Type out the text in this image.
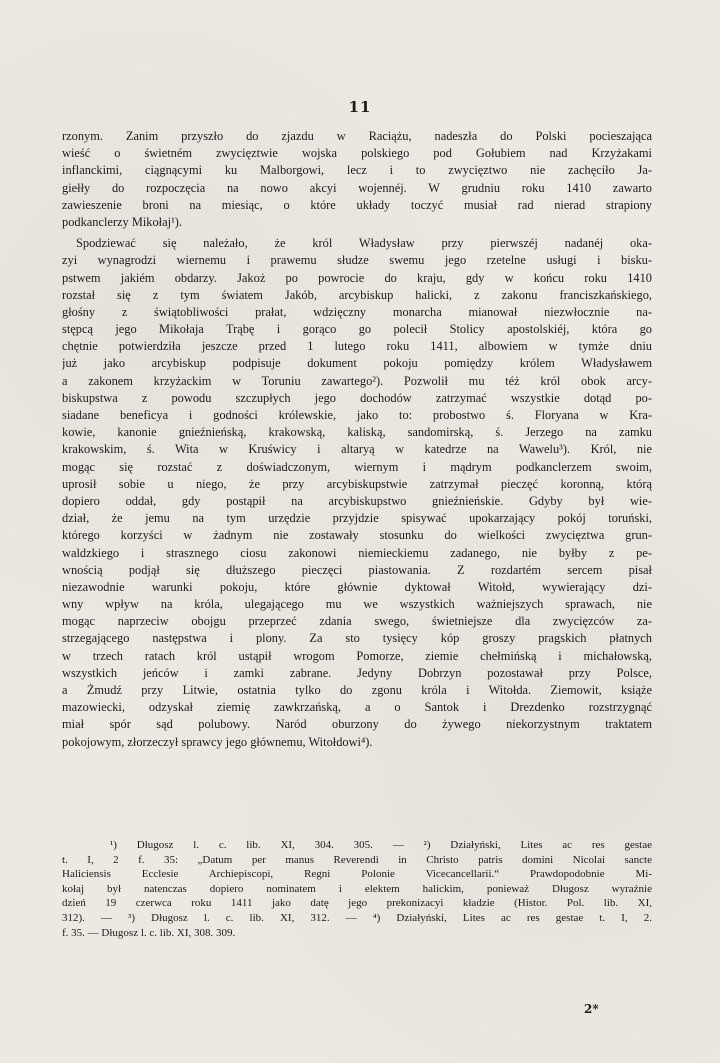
11
rzonym. Zanim przyszło do zjazdu w Raciążu, nadeszła do Polski pocieszająca
wieść o świetném zwycięztwie wojska polskiego pod Gołubiem nad Krzyżakami
inflanckimi, ciągnącymi ku Malborgowi, lecz i to zwycięztwo nie zachęciło Ja-
giełły do rozpoczęcia na nowo akcyi wojennéj. W grudniu roku 1410 zawarto
zawieszenie broni na miesiąc, o które układy toczyć musiał rad nierad strapiony
podkanclerzy Mikołaj¹).
Spodziewać się należało, że król Władysław przy pierwszéj nadanéj oka-
zyi wynagrodzi wiernemu i prawemu słudze swemu jego rzetelne usługi i bisku-
pstwem jakiém obdarzy. Jakoż po powrocie do kraju, gdy w końcu roku 1410
rozstał się z tym światem Jakób, arcybiskup halicki, z zakonu franciszkańskiego,
głośny z świątobliwości prałat, wdzięczny monarcha mianował niezwłocznie na-
stępcą jego Mikołaja Trąbę i gorąco go polecił Stolicy apostolskiéj, która go
chętnie potwierdziła jeszcze przed 1 lutego roku 1411, albowiem w tymże dniu
już jako arcybiskup podpisuje dokument pokoju pomiędzy królem Władysławem
a zakonem krzyżackim w Toruniu zawartego²). Pozwolił mu téż król obok arcy-
biskupstwa z powodu szczupłych jego dochodów zatrzymać wszystkie dotąd po-
siadane beneficya i godności królewskie, jako to: probostwo ś. Floryana w Kra-
kowie, kanonie gnieźnieńską, krakowską, kaliską, sandomirską, ś. Jerzego na zamku
krakowskim, ś. Wita w Kruświcy i altaryą w katedrze na Wawelu³). Król, nie
mogąc się rozstać z doświadczonym, wiernym i mądrym podkanclerzem swoim,
uprosił sobie u niego, że przy arcybiskupstwie zatrzymał pieczęć koronną, którą
dopiero oddał, gdy postąpił na arcybiskupstwo gnieźnieńskie. Gdyby był wie-
dział, że jemu na tym urzędzie przyjdzie spisywać upokarzający pokój toruński,
którego korzyści w żadnym nie zostawały stosunku do wielkości zwycięztwa grun-
waldzkiego i strasznego ciosu zakonowi niemieckiemu zadanego, nie byłby z pe-
wnością podjął się dłuższego pieczęci piastowania. Z rozdartém sercem pisał
niezawodnie warunki pokoju, które głównie dyktował Witołd, wywierający dzi-
wny wpływ na króla, ulegającego mu we wszystkich ważniejszych sprawach, nie
mogąc naprzeciw obojgu przeprzeć zdania swego, świetniejsze dla zwycięzców za-
strzegającego następstwa i plony. Za sto tysięcy kóp groszy pragskich płatnych
w trzech ratach król ustąpił wrogom Pomorze, ziemie chełmińską i michałowską,
wszystkich jeńców i zamki zabrane. Jedyny Dobrzyn pozostawał przy Polsce,
a Żmudź przy Litwie, ostatnia tylko do zgonu króla i Witołda. Ziemowit, książe
mazowiecki, odzyskał ziemię zawkrzańską, a o Santok i Drezdenko rozstrzygnąć
miał spór sąd polubowy. Naród oburzony do żywego niekorzystnym traktatem
pokojowym, złorzeczył sprawcy jego głównemu, Witołdowi⁴).
¹) Długosz l. c. lib. XI, 304. 305. — ²) Działyński, Lites ac res gestae
t. I, 2 f. 35: „Datum per manus Reverendi in Christo patris domini Nicolai sancte
Haliciensis Ecclesie Archiepiscopi, Regni Polonie Vicecancellarii.“ Prawdopodobnie Mi-
kołaj był natenczas dopiero nominatem i elektem halickim, ponieważ Długosz wyraźnie
dzień 19 czerwca roku 1411 jako datę jego prekonizacyi kładzie (Histor. Pol. lib. XI,
312). — ³) Długosz l. c. lib. XI, 312. — ⁴) Działyński, Lites ac res gestae t. I, 2.
f. 35. — Długosz l. c. lib. XI, 308. 309.
2*
